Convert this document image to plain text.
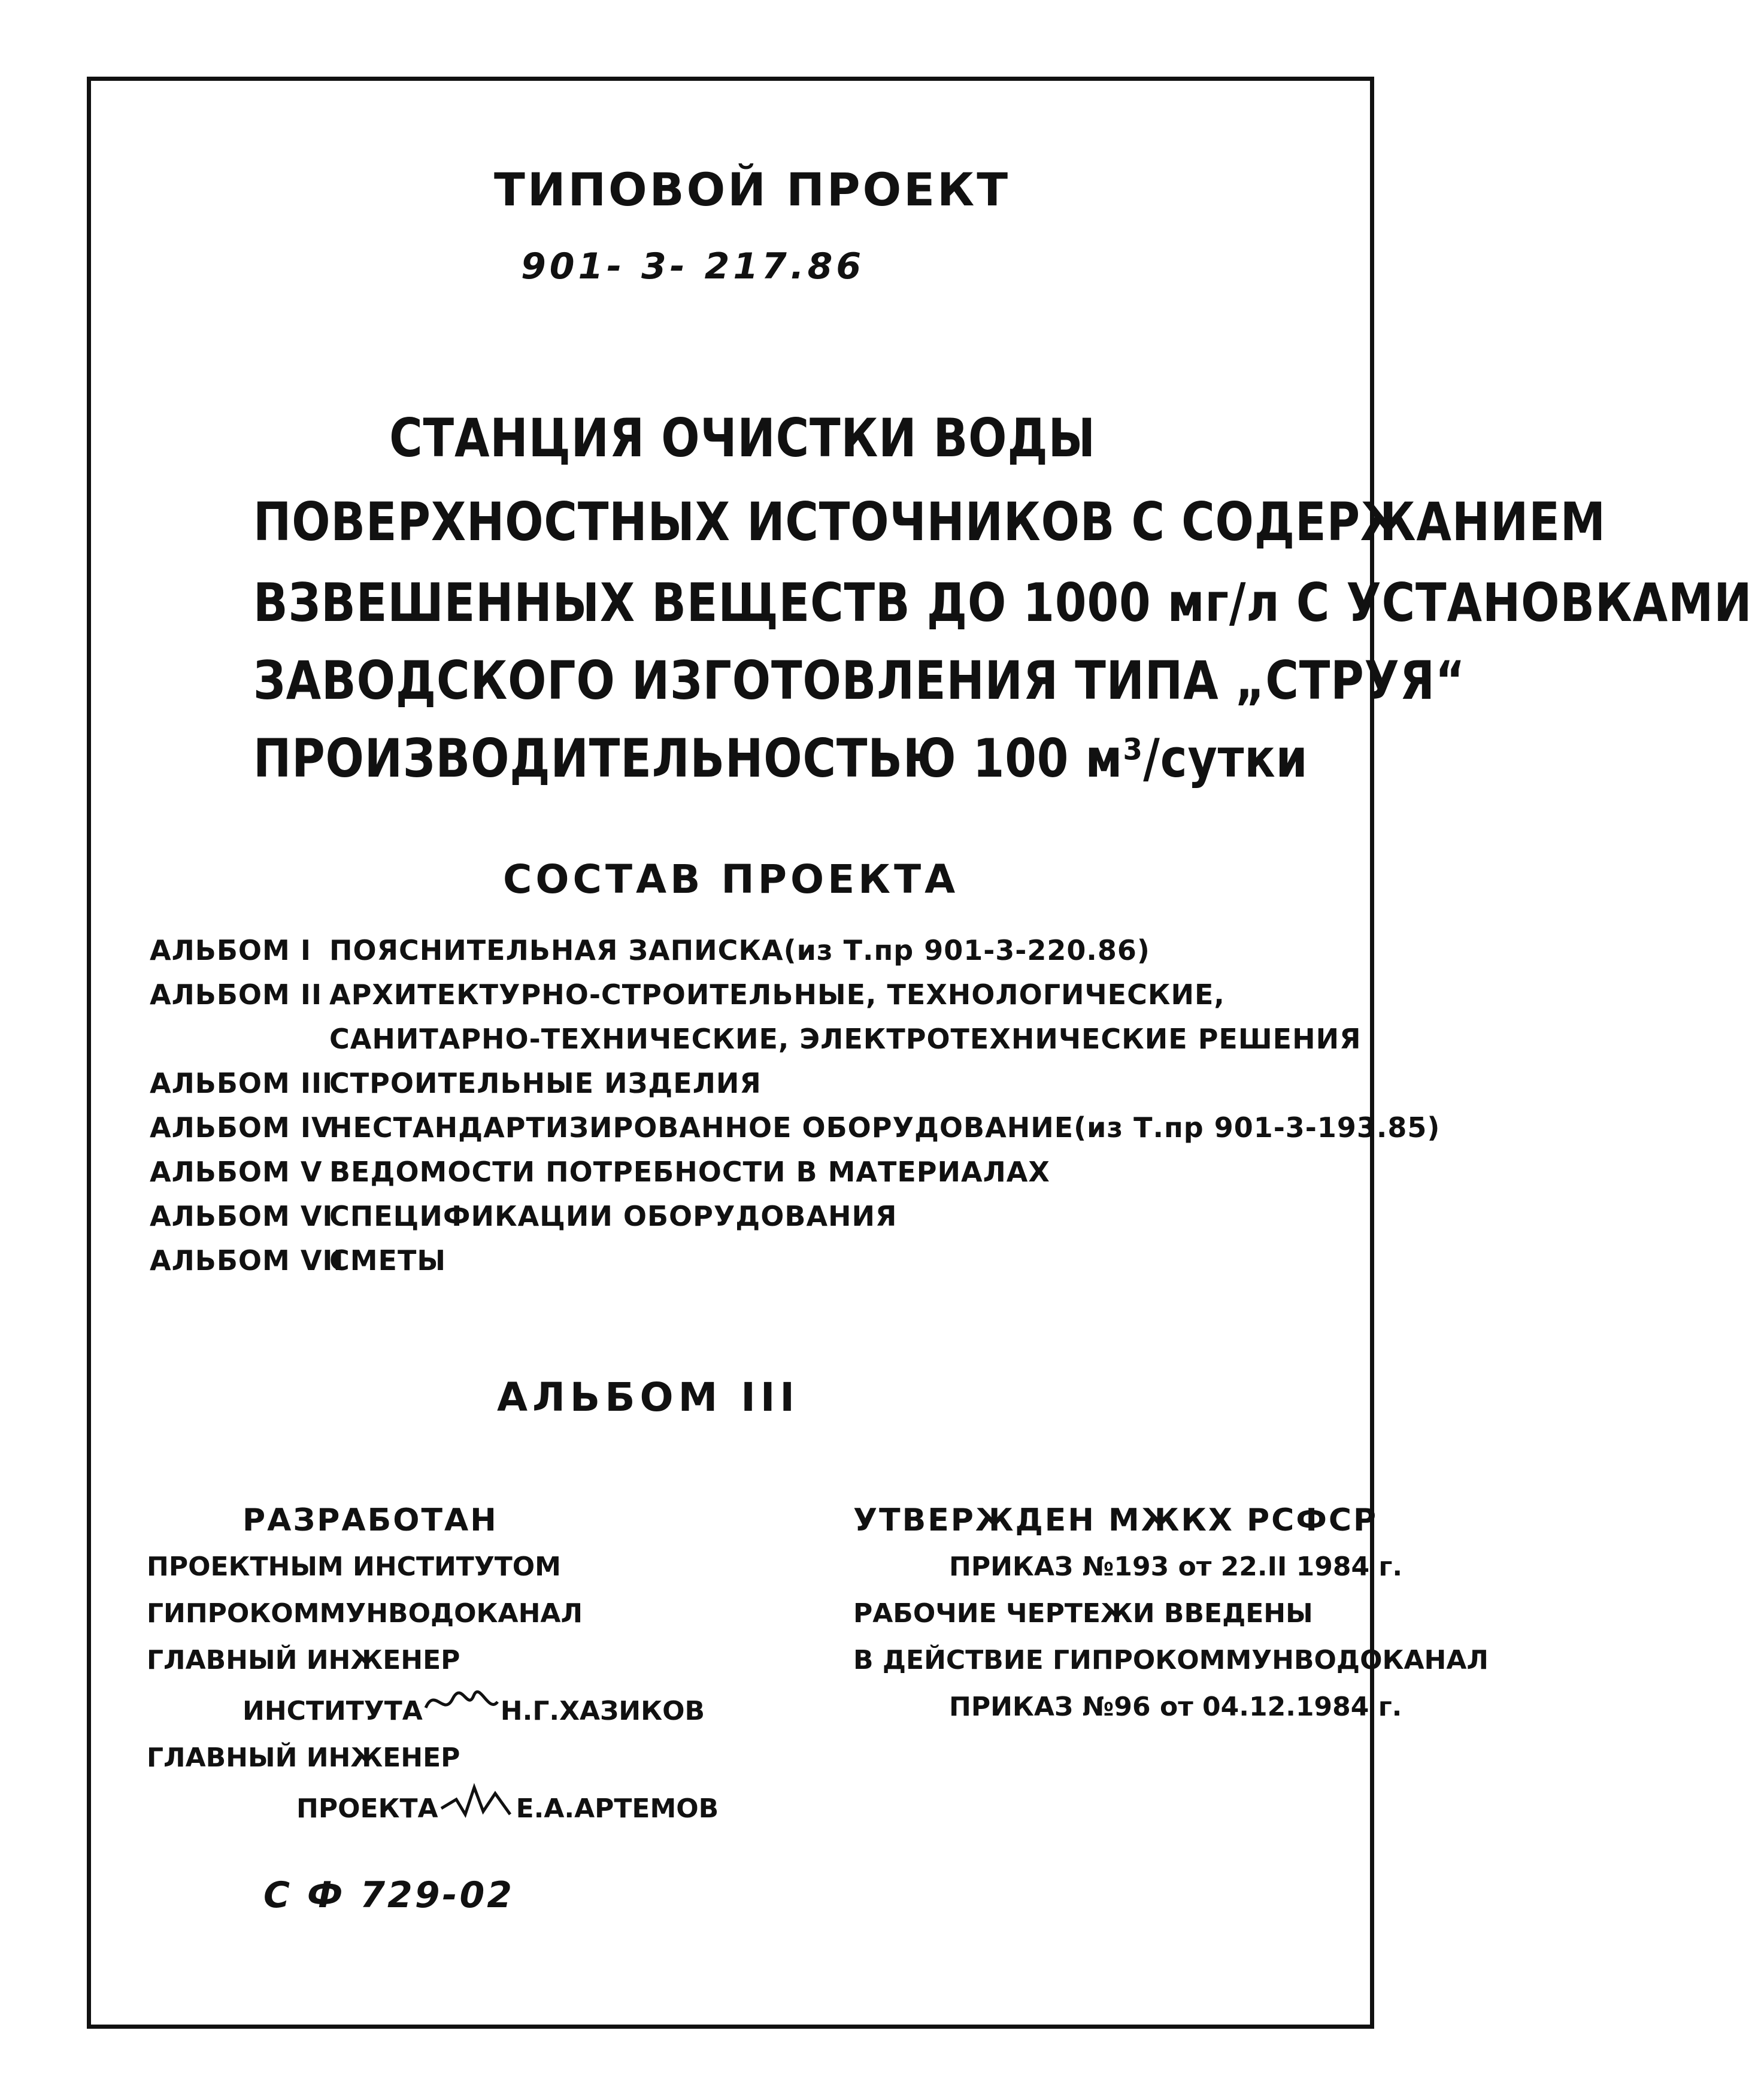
ТИПОВОЙ ПРОЕКТ
901- 3- 217.86
СТАНЦИЯ ОЧИСТКИ ВОДЫ
ПОВЕРХНОСТНЫХ ИСТОЧНИКОВ С СОДЕРЖАНИЕМ
ВЗВЕШЕННЫХ ВЕЩЕСТВ ДО 1000 мг/л С УСТАНОВКАМИ
ЗАВОДСКОГО ИЗГОТОВЛЕНИЯ ТИПА „СТРУЯ“
ПРОИЗВОДИТЕЛЬНОСТЬЮ 100 м³/сутки
СОСТАВ ПРОЕКТА
АЛЬБОМ I ПОЯСНИТЕЛЬНАЯ ЗАПИСКА(из Т.пр 901-3-220.86)
АЛЬБОМ II АРХИТЕКТУРНО-СТРОИТЕЛЬНЫЕ, ТЕХНОЛОГИЧЕСКИЕ,
САНИТАРНО-ТЕХНИЧЕСКИЕ, ЭЛЕКТРОТЕХНИЧЕСКИЕ РЕШЕНИЯ
АЛЬБОМ III
СТРОИТЕЛЬНЫЕ ИЗДЕЛИЯ
АЛЬБОМ IV
НЕСТАНДАРТИЗИРОВАННОЕ ОБОРУДОВАНИЕ(из Т.пр 901-3-193.85)
АЛЬБОМ V ВЕДОМОСТИ ПОТРЕБНОСТИ В МАТЕРИАЛАХ
АЛЬБОМ VI
СПЕЦИФИКАЦИИ ОБОРУДОВАНИЯ
АЛЬБОМ VII
СМЕТЫ
АЛЬБОМ III
РАЗРАБОТАН
ПРОЕКТНЫМ ИНСТИТУТОМ
ГИПРОКОММУНВОДОКАНАЛ
ГЛАВНЫЙ ИНЖЕНЕР
ИНСТИТУТА	Н.Г.ХАЗИКОВ
ГЛАВНЫЙ ИНЖЕНЕР
ПРОЕКТА	Е.А.АРТЕМОВ
УТВЕРЖДЕН МЖКХ РСФСР
ПРИКАЗ №193 от 22.II 1984 г.
РАБОЧИЕ ЧЕРТЕЖИ ВВЕДЕНЫ
В ДЕЙСТВИЕ ГИПРОКОММУНВОДОКАНАЛ
ПРИКАЗ №96 от 04.12.1984 г.
С Ф 729-02
